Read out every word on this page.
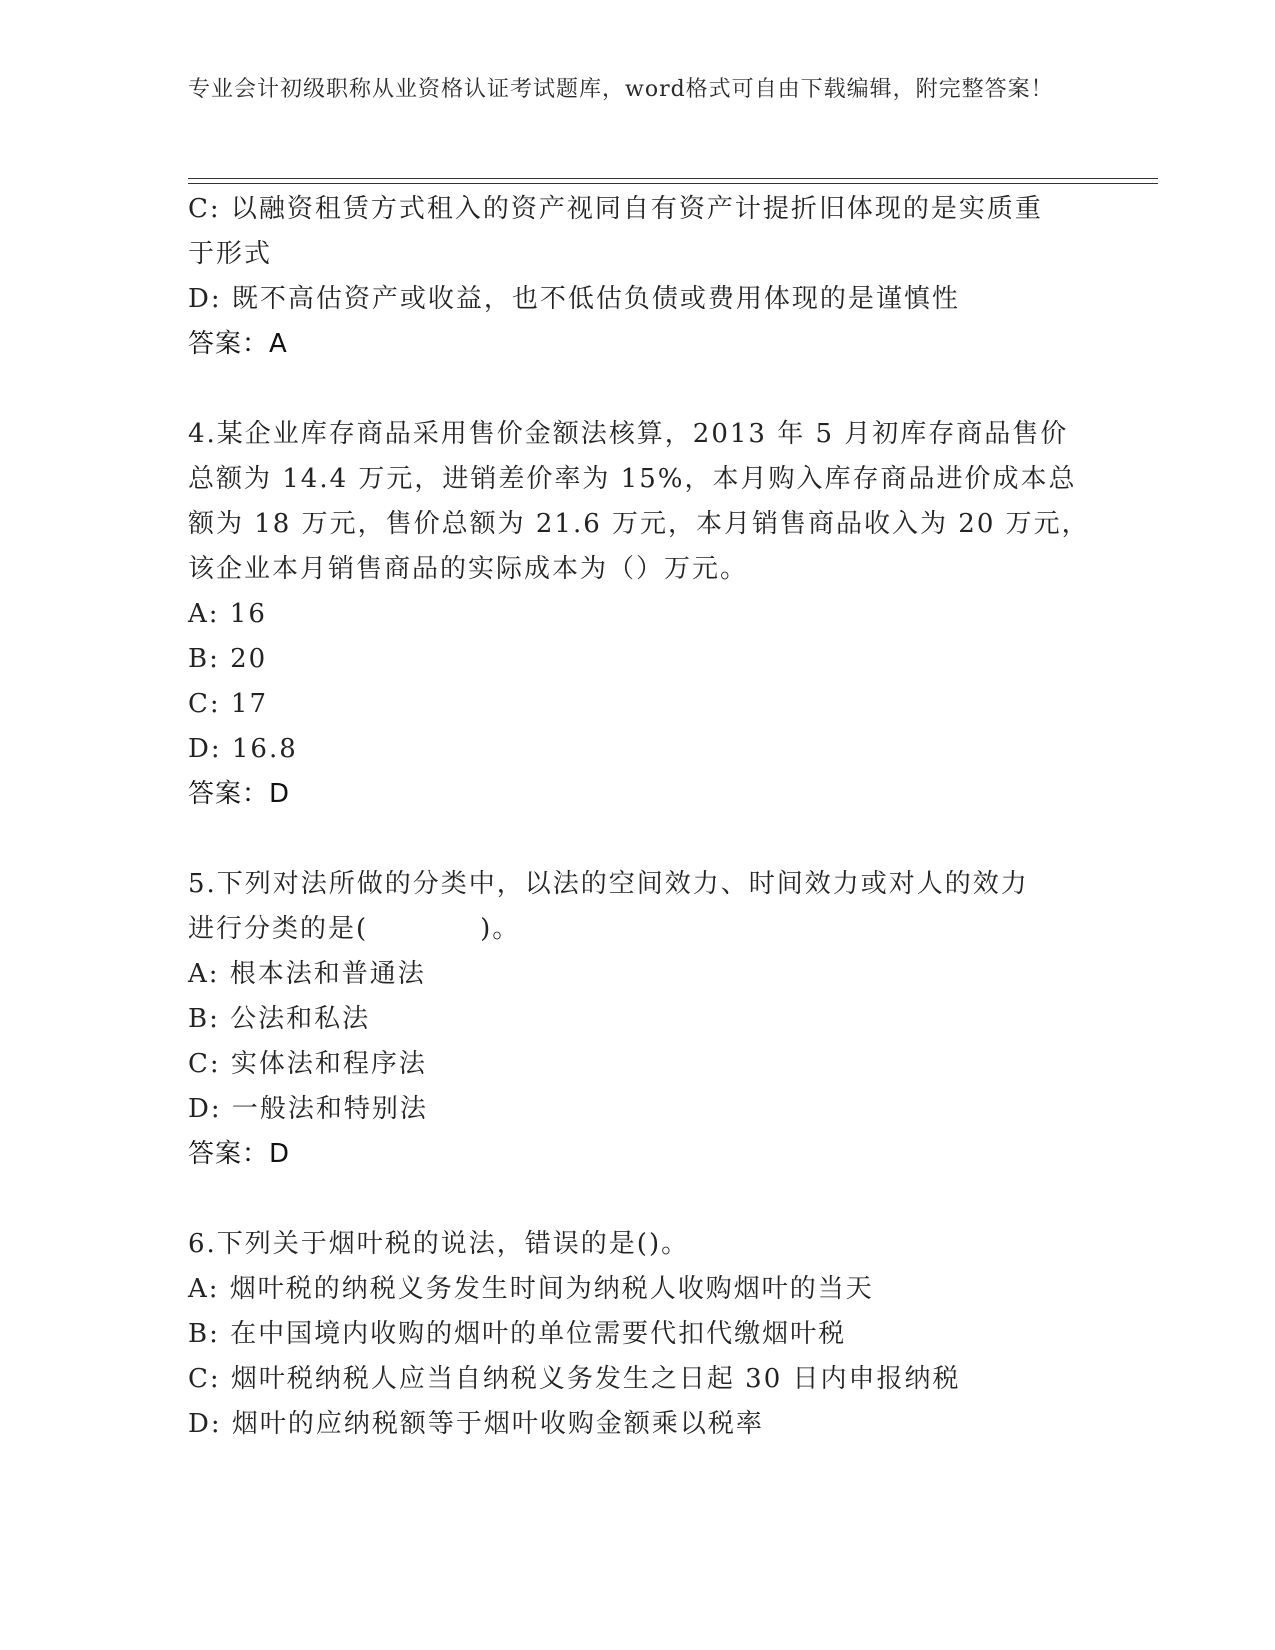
专业会计初级职称从业资格认证考试题库，word格式可自由下载编辑，附完整答案！
C: 以融资租赁方式租入的资产视同自有资产计提折旧体现的是实质重
于形式
D: 既不高估资产或收益，也不低估负债或费用体现的是谨慎性
答案：A
4.某企业库存商品采用售价金额法核算，2013 年 5 月初库存商品售价
总额为 14.4 万元，进销差价率为 15%，本月购入库存商品进价成本总
额为 18 万元，售价总额为 21.6 万元，本月销售商品收入为 20 万元，
该企业本月销售商品的实际成本为（）万元。
A: 16
B: 20
C: 17
D: 16.8
答案：D
5.下列对法所做的分类中，以法的空间效力、时间效力或对人的效力
进行分类的是(　　　　)。
A: 根本法和普通法
B: 公法和私法
C: 实体法和程序法
D: 一般法和特别法
答案：D
6.下列关于烟叶税的说法，错误的是()。
A: 烟叶税的纳税义务发生时间为纳税人收购烟叶的当天
B: 在中国境内收购的烟叶的单位需要代扣代缴烟叶税
C: 烟叶税纳税人应当自纳税义务发生之日起 30 日内申报纳税
D: 烟叶的应纳税额等于烟叶收购金额乘以税率
